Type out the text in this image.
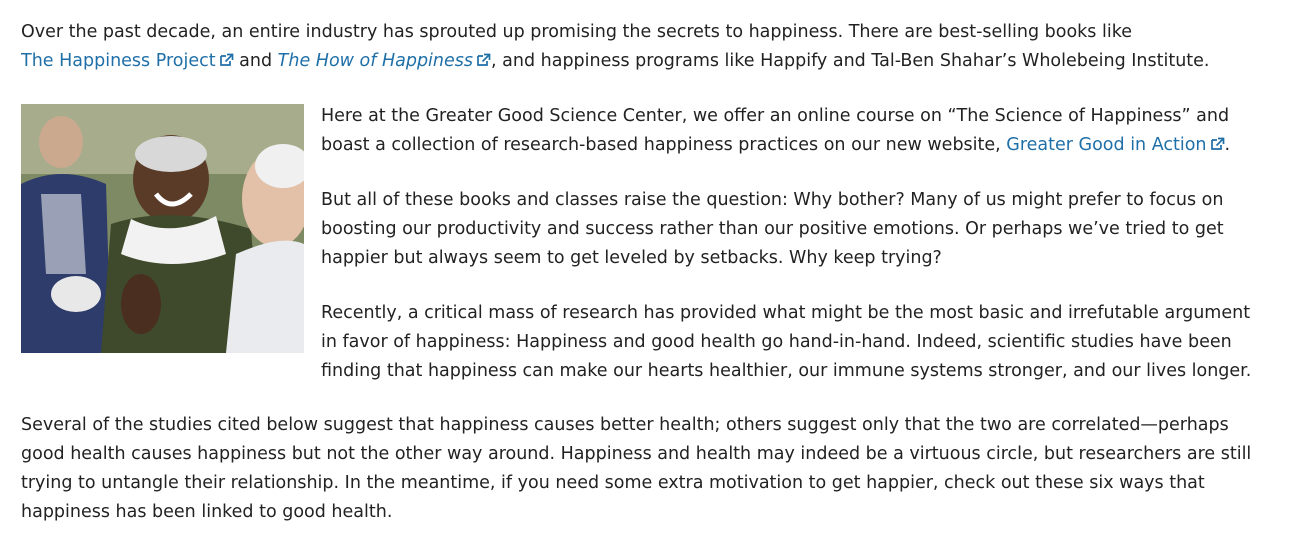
Over the past decade, an entire industry has sprouted up promising the secrets to happiness. There are best-selling books like The Happiness Project
and The How of Happiness , and happiness programs like Happify and Tal-Ben Shahar’s Wholebeing Institute.

Here at the Greater Good Science Center, we offer an online course on “The Science of Happiness” and boast a collection of research-based happiness practices on our new website, Greater Good in Action .

But all of these books and classes raise the question: Why bother? Many of us might prefer to focus on boosting our productivity and success rather than our positive emotions. Or perhaps we’ve tried to get happier but always seem to get leveled by setbacks. Why keep trying?

Recently, a critical mass of research has provided what might be the most basic and irrefutable argument in favor of happiness: Happiness and good health go hand-in-hand. Indeed, scientific studies have been finding that happiness can make our hearts healthier, our immune systems stronger, and our lives longer.

Several of the studies cited below suggest that happiness causes better health; others suggest only that the two are correlated—perhaps good health causes happiness but not the other way around. Happiness and health may indeed be a virtuous circle, but researchers are still trying to untangle their relationship. In the meantime, if you need some extra motivation to get happier, check out these six ways that happiness has been linked to good health.
